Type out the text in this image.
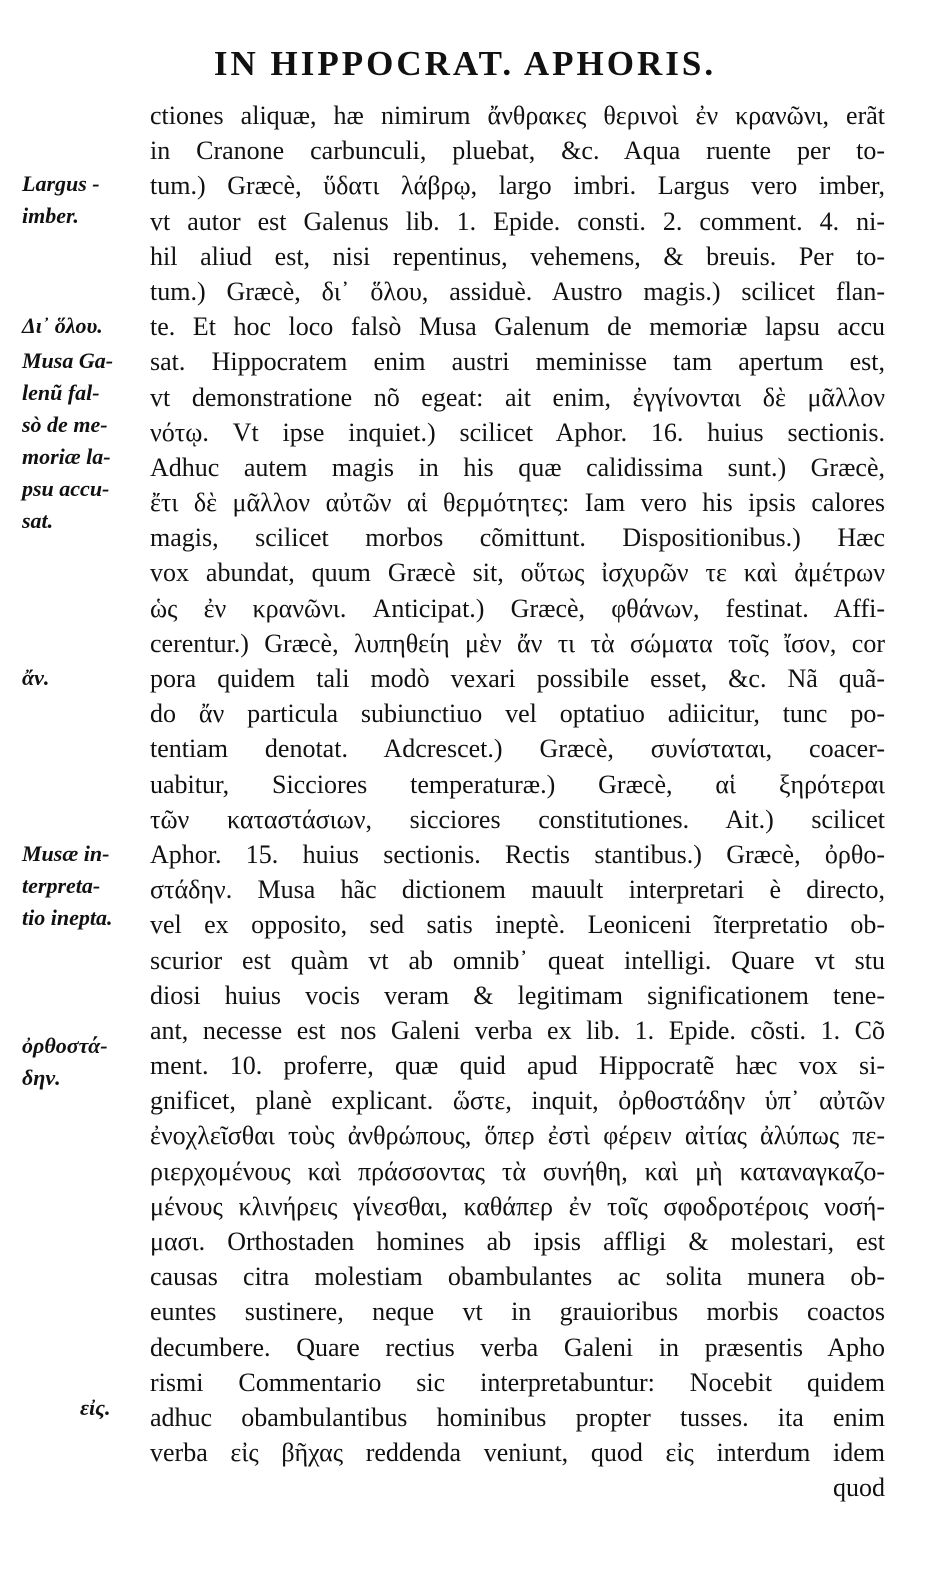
IN HIPPOCRAT. APHORIS.
ctiones aliquæ, hæ nimirum ἄνθρακες θερινοὶ ἐν κρανῶνι, erãt
in Cranone carbunculi, pluebat, &c. Aqua ruente per to-
tum.) Græcè, ὕδατι λάβρῳ, largo imbri. Largus vero imber,
vt autor est Galenus lib. 1. Epide. consti. 2. comment. 4. ni-
hil aliud est, nisi repentinus, vehemens, & breuis. Per to-
tum.) Græcè, δι᾽ ὅλου, assiduè. Austro magis.) scilicet flan-
te. Et hoc loco falsò Musa Galenum de memoriæ lapsu accu
sat. Hippocratem enim austri meminisse tam apertum est,
vt demonstratione nõ egeat: ait enim, ἐγγίνονται δὲ μᾶλλον
νότῳ. Vt ipse inquiet.) scilicet Aphor. 16. huius sectionis.
Adhuc autem magis in his quæ calidissima sunt.) Græcè,
ἔτι δὲ μᾶλλον αὐτῶν αἱ θερμότητες: Iam vero his ipsis calores
magis, scilicet morbos cõmittunt. Dispositionibus.) Hæc
vox abundat, quum Græcè sit, οὕτως ἰσχυρῶν τε καὶ ἀμέτρων
ὡς ἐν κρανῶνι. Anticipat.) Græcè, φθάνων, festinat. Affi-
cerentur.) Græcè, λυπηθείη μὲν ἄν τι τὰ σώματα τοῖς ἴσον, cor
pora quidem tali modò vexari possibile esset, &c. Nã quã-
do ἄν particula subiunctiuo vel optatiuo adiicitur, tunc po-
tentiam denotat. Adcrescet.) Græcè, συνίσταται, coacer-
uabitur, Sicciores temperaturæ.) Græcè, αἱ ξηρότεραι
τῶν καταστάσιων, sicciores constitutiones. Ait.) scilicet
Aphor. 15. huius sectionis. Rectis stantibus.) Græcè, ὀρθο-
στάδην. Musa hãc dictionem mauult interpretari è directo,
vel ex opposito, sed satis ineptè. Leoniceni ĩterpretatio ob-
scurior est quàm vt ab omnib᾽ queat intelligi. Quare vt stu
diosi huius vocis veram & legitimam significationem tene-
ant, necesse est nos Galeni verba ex lib. 1. Epide. cõsti. 1. Cõ
ment. 10. proferre, quæ quid apud Hippocratẽ hæc vox si-
gnificet, planè explicant. ὥστε, inquit, ὀρθοστάδην ὑπ᾽ αὐτῶν
ἐνοχλεῖσθαι τοὺς ἀνθρώπους, ὅπερ ἐστὶ φέρειν αἰτίας ἀλύπως πε-
ριερχομένους καὶ πράσσοντας τὰ συνήθη, καὶ μὴ καταναγκαζο-
μένους κλινήρεις γίνεσθαι, καθάπερ ἐν τοῖς σφοδροτέροις νοσή-
μασι. Orthostaden homines ab ipsis affligi & molestari, est
causas citra molestiam obambulantes ac solita munera ob-
euntes sustinere, neque vt in grauioribus morbis coactos
decumbere. Quare rectius verba Galeni in præsentis Apho
rismi Commentario sic interpretabuntur: Nocebit quidem
adhuc obambulantibus hominibus propter tusses. ita enim
verba εἰς βῆχας reddenda veniunt, quod εἰς interdum idem
quod
Largus -
imber.
Δι᾽ ὅλου.
Musa Ga-
lenũ fal-
sò de me-
moriæ la-
psu accu-
sat.
ἄν.
Musæ in-
terpreta-
tio inepta.
ὀρθοστά-
δην.
εἰς.
